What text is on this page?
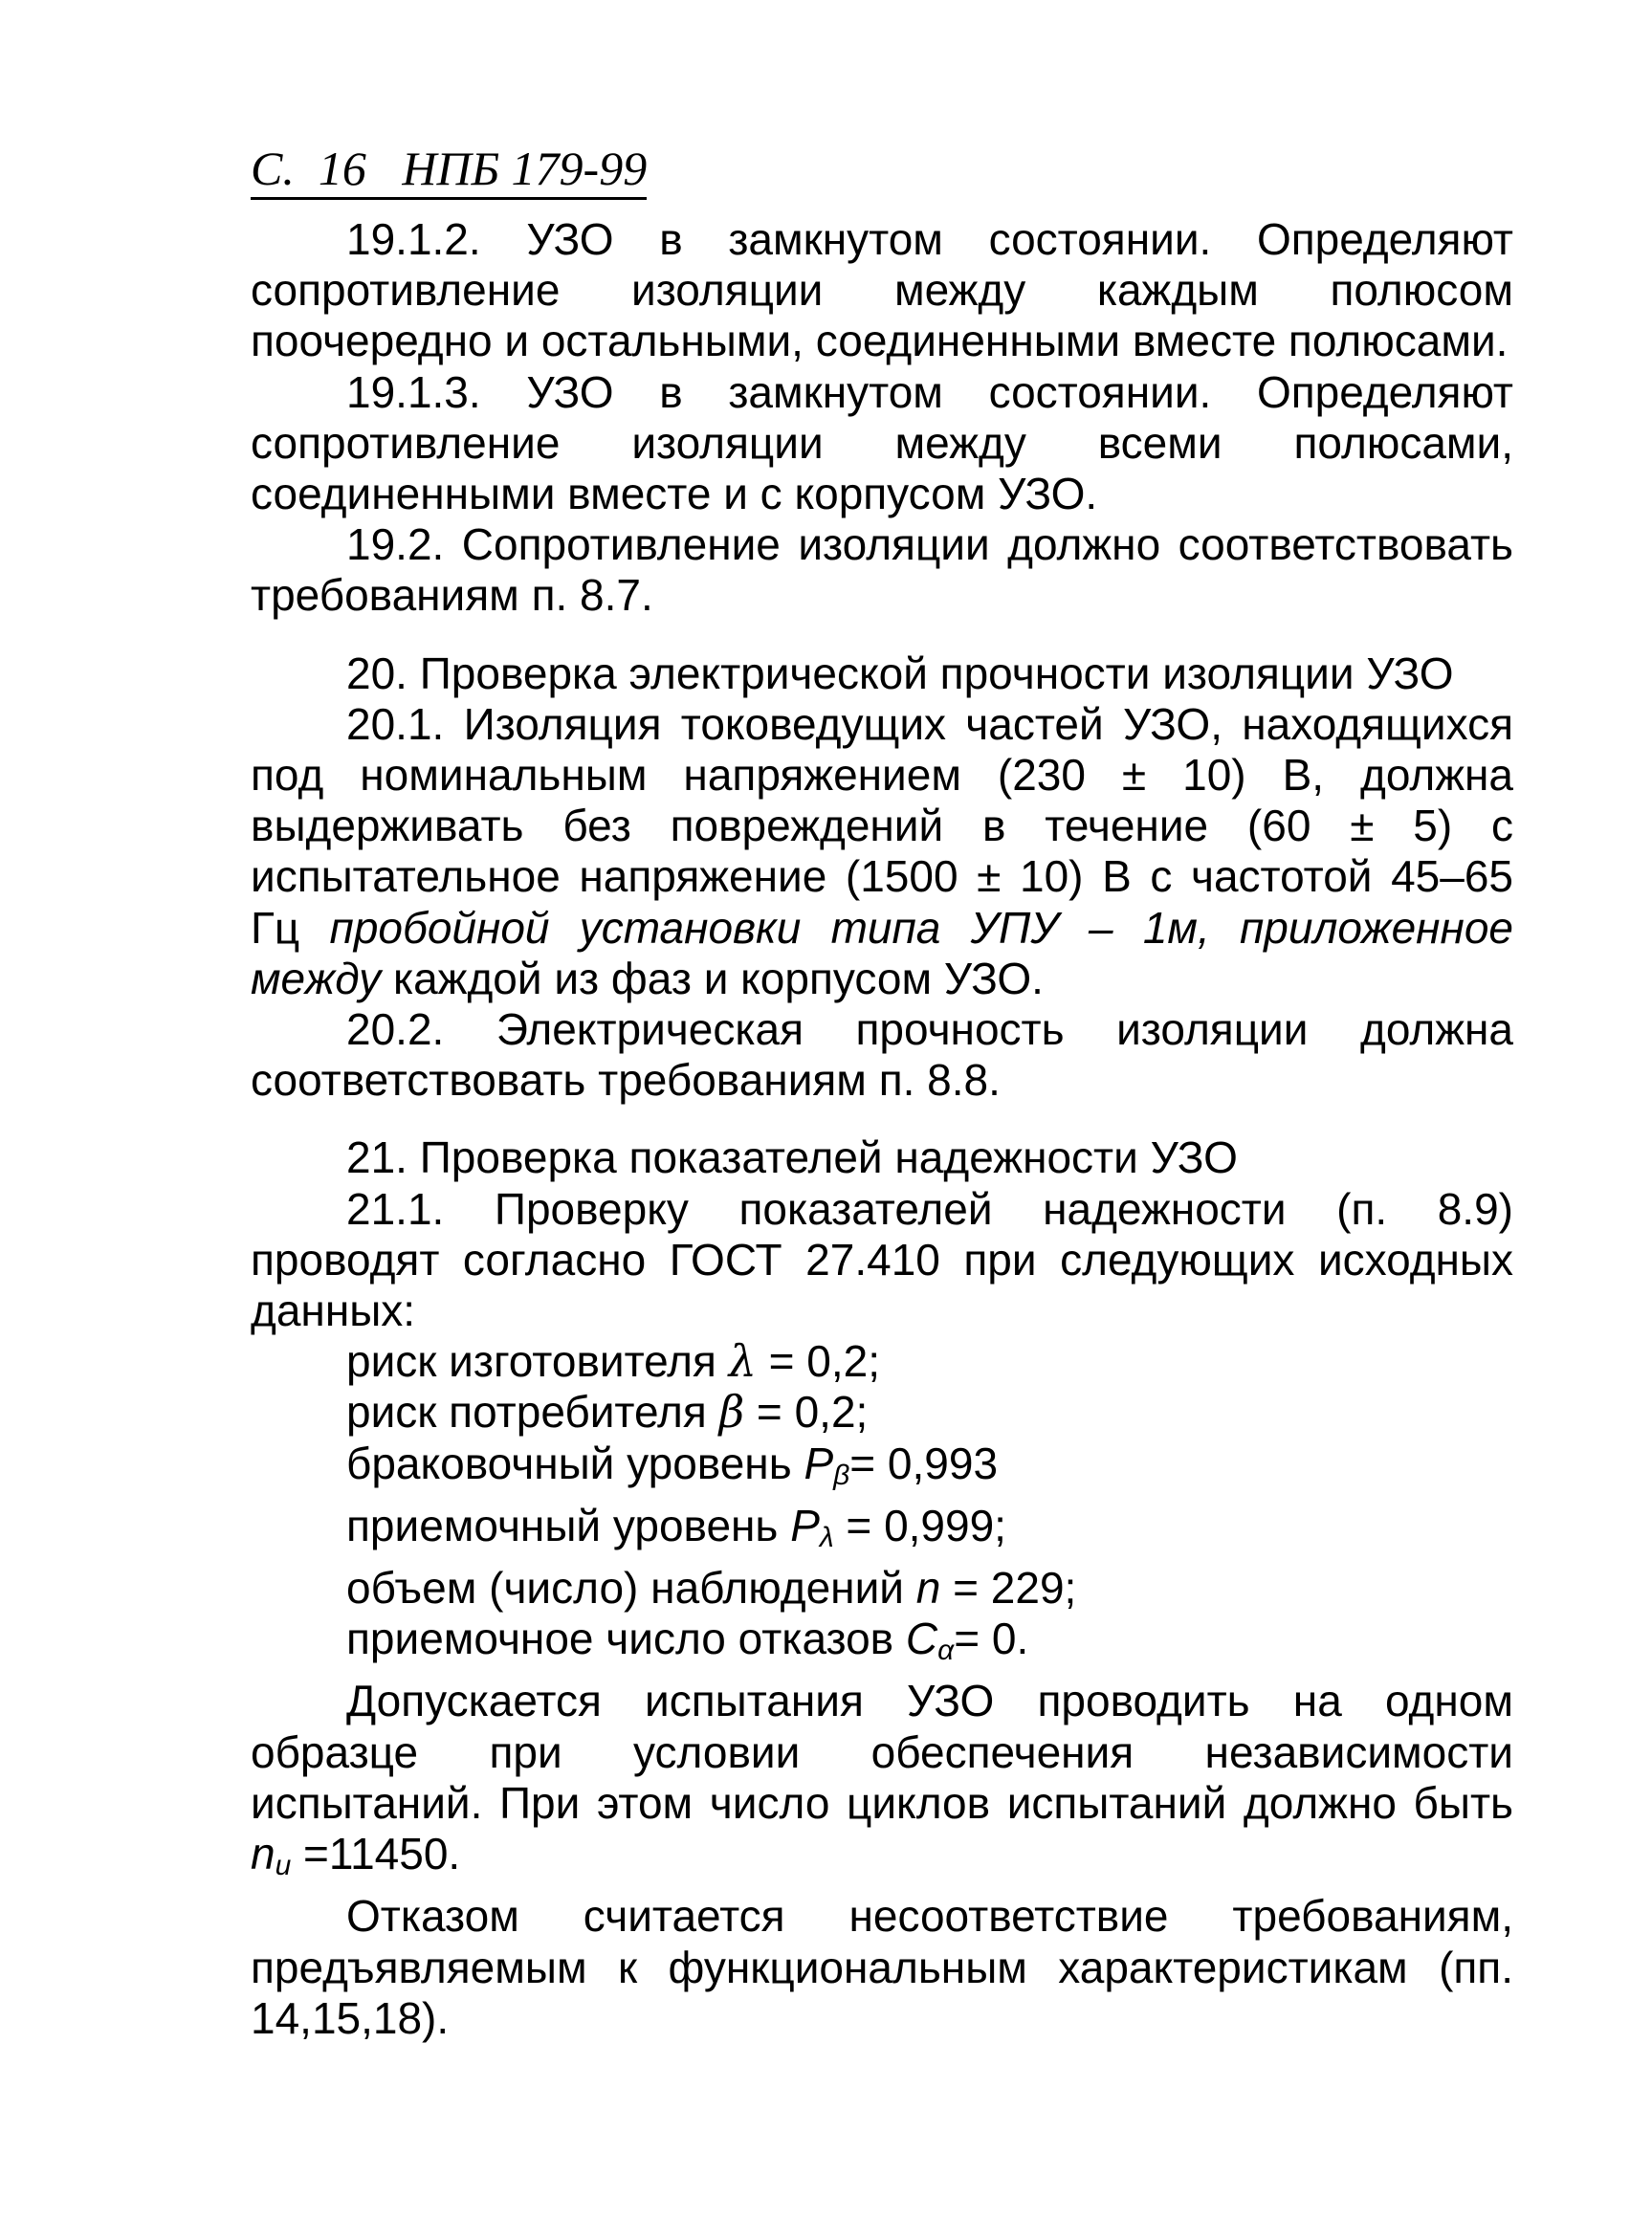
С.  16   НПБ 179-99

19.1.2. УЗО в замкнутом состоянии. Определяют сопротивление изоляции между каждым полюсом поочередно и остальными, соединенными вместе полюсами.

19.1.3. УЗО в замкнутом состоянии. Определяют сопротивление изоляции между всеми полюсами, соединенными вместе и с корпусом УЗО.

19.2. Сопротивление изоляции должно соответствовать требованиям п. 8.7.

20. Проверка электрической прочности изоляции УЗО

20.1. Изоляция токоведущих частей УЗО, находящихся под номинальным напряжением (230 ± 10) В, должна выдерживать без повреждений в течение (60 ± 5) с испытательное напряжение (1500 ± 10) В с частотой 45–65 Гц пробойной установки типа УПУ – 1м, приложенное между каждой из фаз и корпусом УЗО.

20.2. Электрическая прочность изоляции должна соответствовать требованиям п. 8.8.

21. Проверка показателей надежности УЗО

21.1. Проверку показателей надежности (п. 8.9) проводят согласно ГОСТ 27.410 при следующих исходных данных:

риск изготовителя λ = 0,2;

риск потребителя β = 0,2;

браковочный уровень $P_\beta= 0,993$

приемочный уровень $P_\lambda = 0,999$;

объем (число) наблюдений n = 229;

приемочное число отказов $C_\alpha= 0$.

Допускается испытания УЗО проводить на одном образце при условии обеспечения независимости испытаний. При этом число циклов испытаний должно быть $n_и =11450$.

Отказом считается несоответствие требованиям, предъявляемым к функциональным характеристикам (пп. 14,15,18).
